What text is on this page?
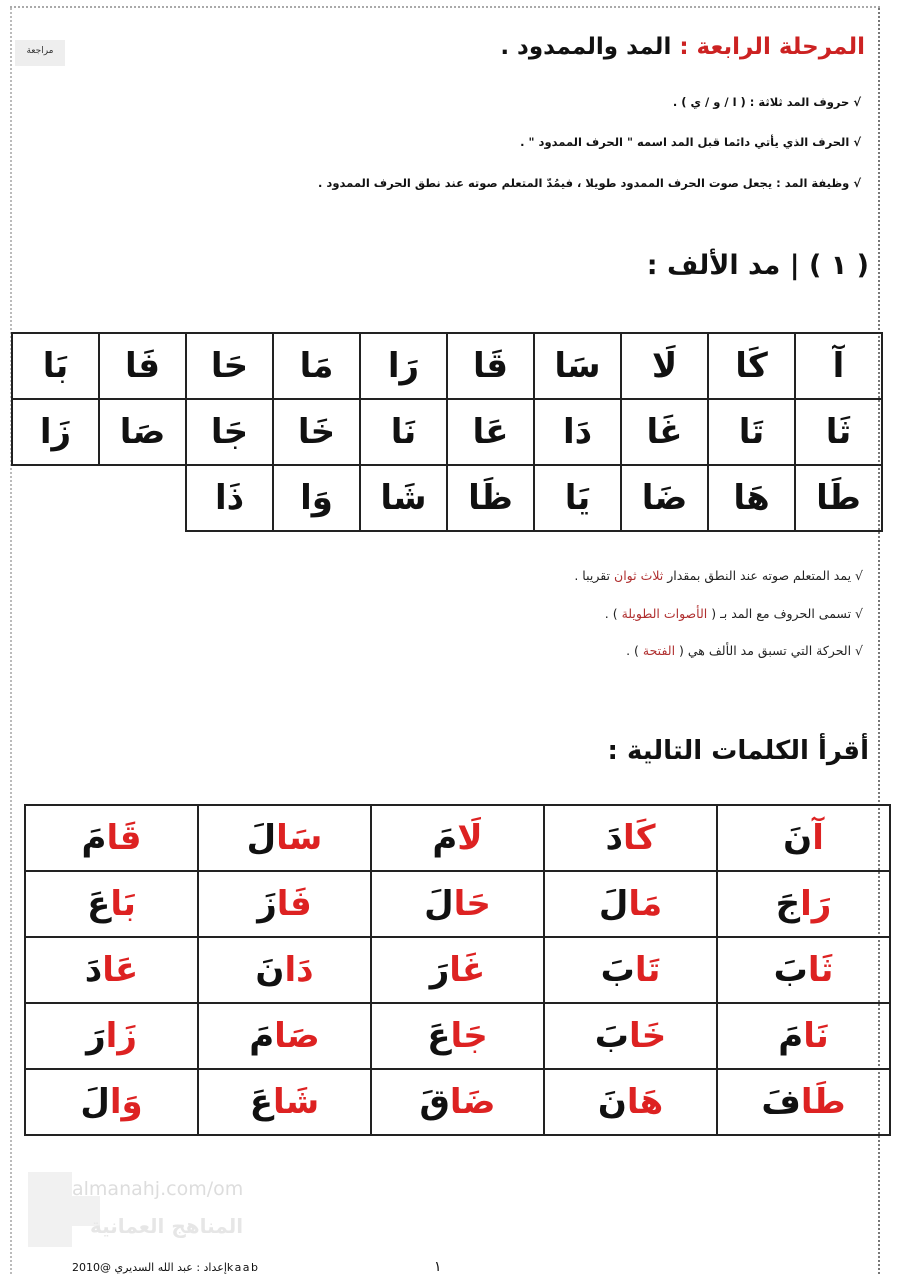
مراجعة	المرحلة الرابعة : المد والممدود .
√ حروف المد ثلاثة : ( ا / و / ي ) .
√ الحرف الذي يأتي دائما قبل المد اسمه " الحرف الممدود " .
√ وظيفة المد : يجعل صوت الحرف الممدود طويلا ، فيمُدّ المتعلم صوته عند نطق الحرف الممدود .
( ١ ) | مد الألف :
آ	كَا	لَا	سَا	قَا	رَا	مَا	حَا	فَا	بَا
ثَا	تَا	غَا	دَا	عَا	نَا	خَا	جَا	صَا	زَا
طَا	هَا	ضَا	يَا	ظَا	شَا	وَا	ذَا		
√ يمد المتعلم صوته عند النطق بمقدار ثلاث ثوان تقريبا .
√ تسمى الحروف مع المد بـ ( الأصوات الطويلة ) .
√ الحركة التي تسبق مد الألف هي ( الفتحة ) .
أقرأ الكلمات التالية :
آنَ	كَادَ	لَامَ	سَالَ	قَامَ
رَاجَ	مَالَ	حَالَ	فَازَ	بَاعَ
ثَابَ	تَابَ	غَارَ	دَانَ	عَادَ
نَامَ	خَابَ	جَاعَ	صَامَ	زَارَ
طَافَ	هَانَ	ضَاقَ	شَاعَ	وَالَ
almanahj.com/om
المناهج العمانية
إعداد : عبد الله السديري @2010kaab	١
